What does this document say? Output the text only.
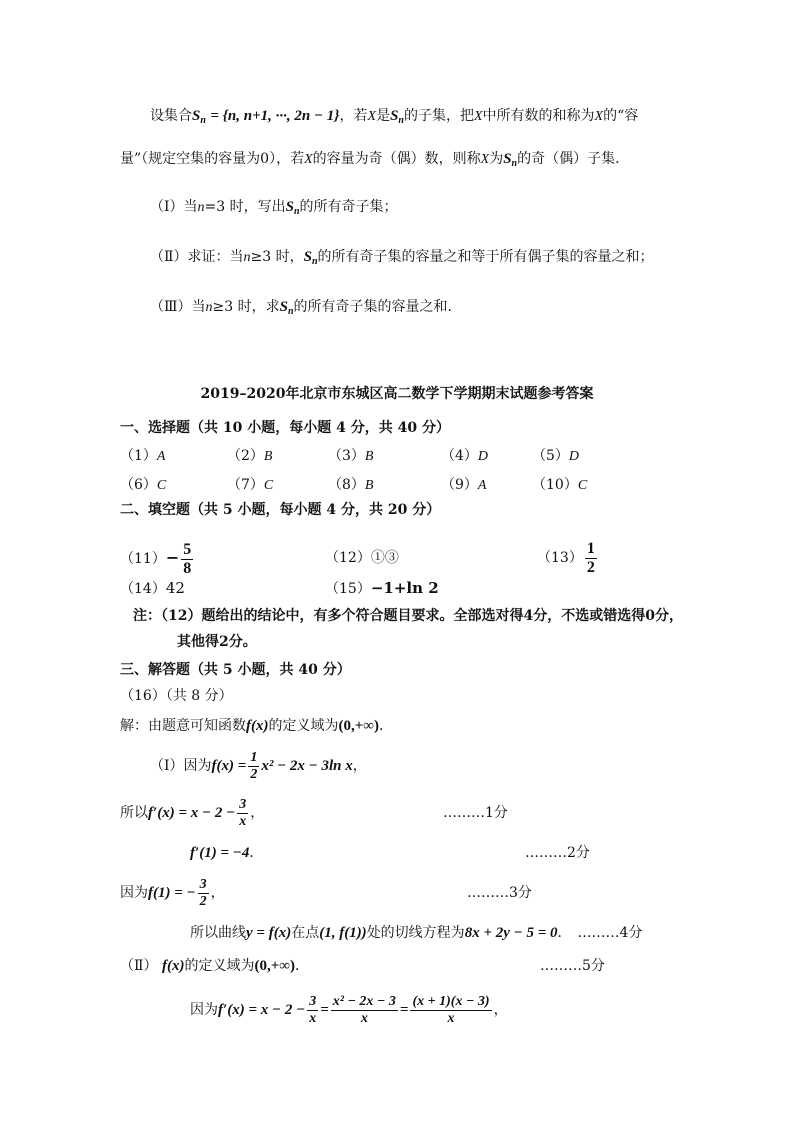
设集合$S_n = \{n$, n+1, ···, 2n − 1}，若X是$S_n$的子集，把X中所有数的和称为X的“容
量”（规定空集的容量为0），若X的容量为奇（偶）数，则称X为$S_n$的奇（偶）子集．
（Ⅰ）当n=3 时，写出$S_n$的所有奇子集；
（Ⅱ）求证：当n≥3 时，$S_n$的所有奇子集的容量之和等于所有偶子集的容量之和；
（Ⅲ）当n≥3 时，求$S_n$的所有奇子集的容量之和．
2019–2020年北京市东城区高二数学下学期期末试题参考答案
一、选择题（共 10 小题，每小题 4 分，共 40 分）
（1）A	（2）B	（3）B	（4）D	（5）D
（6）C	（7）C	（8）B	（9）A	（10）C
二、填空题（共 5 小题，每小题 4 分，共 20 分）
$(11)- \frac{5}{8}$	（12）①③	$(13) \frac{1}{2}$
（14）42	（15）−1+ln 2
注：（12）题给出的结论中，有多个符合题目要求。全部选对得4分，不选或错选得0分，
其他得2分。
三、解答题（共 5 小题，共 40 分）
（16）（共 8 分）
解：由题意可知函数f(x)的定义域为(0,+∞)．
（Ⅰ）因为$f(x) = \frac{1}{2} x^2 - 2x - 3\ln$ x，
所以$f'(x) = x - 2 - \frac{3}{x}$ ，	………1分
f′(1) = −4．	………2分
因为f(1) = − $\frac{3}{2}$ ，	………3分
所以曲线y = f(x)在点(1, f(1))处的切线方程为8x + 2y − 5 = 0． ………4分
（Ⅱ） f(x)的定义域为(0,+∞)．	………5分
因为$f'(x) = x - 2 - \frac{3}{x} = \frac{\text{x² − 2x − 3}}{x} = \frac{(x + 1)(x - 3)}{x}$ ，
